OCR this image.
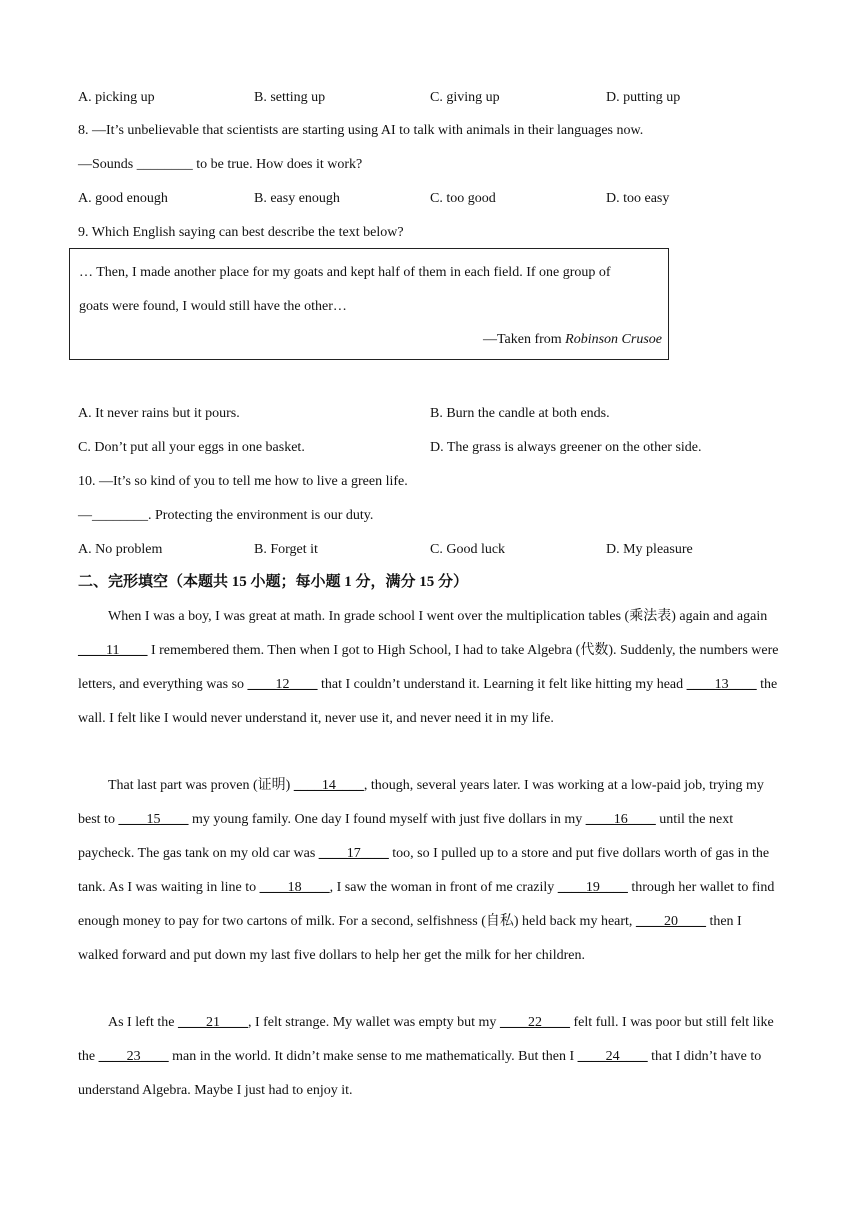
A. picking up	B. setting up	C. giving up	D. putting up
8. —It’s unbelievable that scientists are starting using AI to talk with animals in their languages now.
—Sounds ________ to be true. How does it work?
A. good enough	B. easy enough	C. too good	D. too easy
9. Which English saying can best describe the text below?
… Then, I made another place for my goats and kept half of them in each field. If one group of
goats were found, I would still have the other…
—Taken from Robinson Crusoe
A. It never rains but it pours.	B. Burn the candle at both ends.
C. Don’t put all your eggs in one basket.	D. The grass is always greener on the other side.
10. —It’s so kind of you to tell me how to live a green life.
—________. Protecting the environment is our duty.
A. No problem	B. Forget it	C. Good luck	D. My pleasure
二、完形填空（本题共 15 小题；每小题 1 分，满分 15 分）
When I was a boy, I was great at math. In grade school I went over the multiplication tables (乘法表) again and again ____11____ I remembered them. Then when I got to High School, I had to take Algebra (代数). Suddenly, the numbers were letters, and everything was so ____12____ that I couldn’t understand it. Learning it felt like hitting my head ____13____ the wall. I felt like I would never understand it, never use it, and never need it in my life.
That last part was proven (证明) ____14____, though, several years later. I was working at a low-paid job, trying my best to ____15____ my young family. One day I found myself with just five dollars in my ____16____ until the next paycheck. The gas tank on my old car was ____17____ too, so I pulled up to a store and put five dollars worth of gas in the tank. As I was waiting in line to ____18____, I saw the woman in front of me crazily ____19____ through her wallet to find enough money to pay for two cartons of milk. For a second, selfishness (自私) held back my heart, ____20____ then I walked forward and put down my last five dollars to help her get the milk for her children.
As I left the ____21____, I felt strange. My wallet was empty but my ____22____ felt full. I was poor but still felt like the ____23____ man in the world. It didn’t make sense to me mathematically. But then I ____24____ that I didn’t have to understand Algebra. Maybe I just had to enjoy it.
